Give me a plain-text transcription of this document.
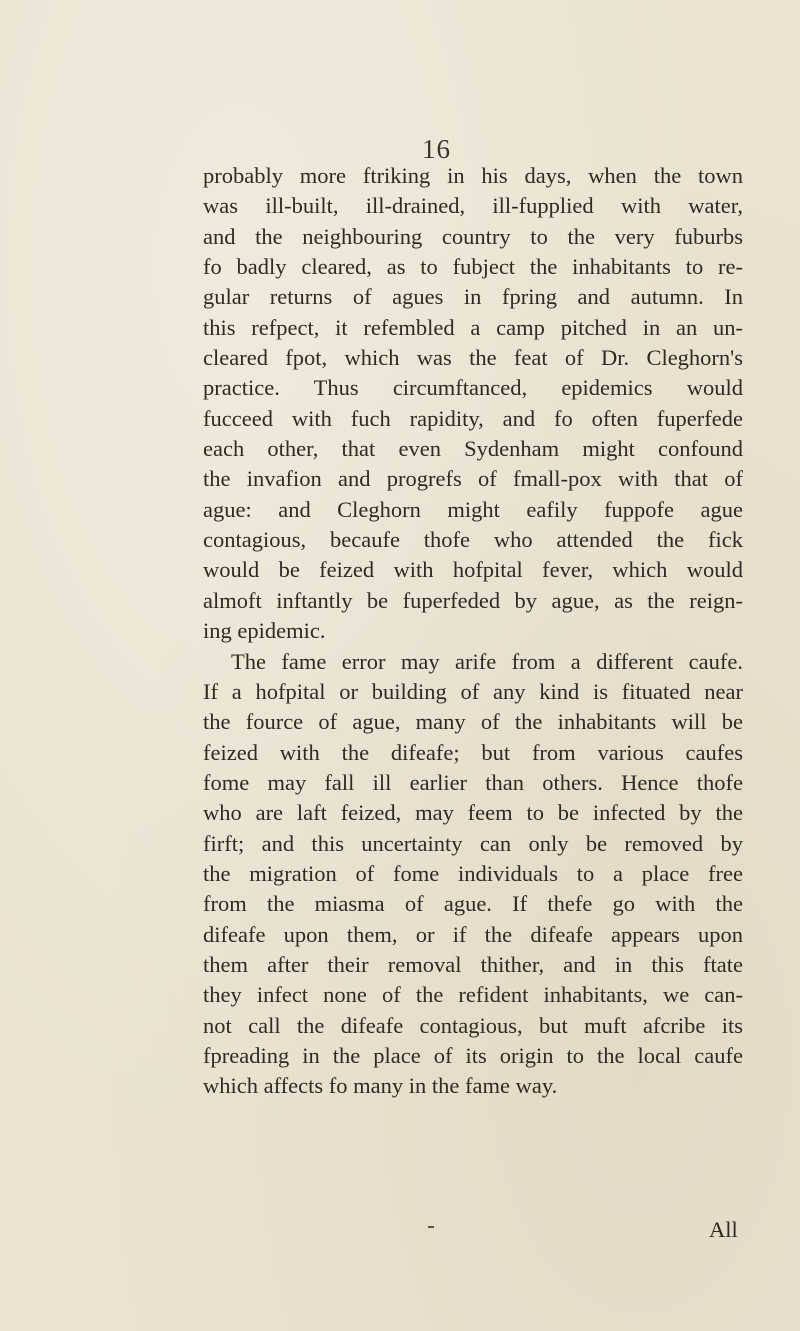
16
probably more ftriking in his days, when the town
was ill-built, ill-drained, ill-fupplied with water,
and the neighbouring country to the very fuburbs
fo badly cleared, as to fubject the inhabitants to re-
gular returns of agues in fpring and autumn. In
this refpect, it refembled a camp pitched in an un-
cleared fpot, which was the feat of Dr. Cleghorn's
practice. Thus circumftanced, epidemics would
fucceed with fuch rapidity, and fo often fuperfede
each other, that even Sydenham might confound
the invafion and progrefs of fmall-pox with that of
ague: and Cleghorn might eafily fuppofe ague
contagious, becaufe thofe who attended the fick
would be feized with hofpital fever, which would
almoft inftantly be fuperfeded by ague, as the reign-
ing epidemic.
The fame error may arife from a different caufe.
If a hofpital or building of any kind is fituated near
the fource of ague, many of the inhabitants will be
feized with the difeafe; but from various caufes
fome may fall ill earlier than others. Hence thofe
who are laft feized, may feem to be infected by the
firft; and this uncertainty can only be removed by
the migration of fome individuals to a place free
from the miasma of ague. If thefe go with the
difeafe upon them, or if the difeafe appears upon
them after their removal thither, and in this ftate
they infect none of the refident inhabitants, we can-
not call the difeafe contagious, but muft afcribe its
fpreading in the place of its origin to the local caufe
which affects fo many in the fame way.
All
